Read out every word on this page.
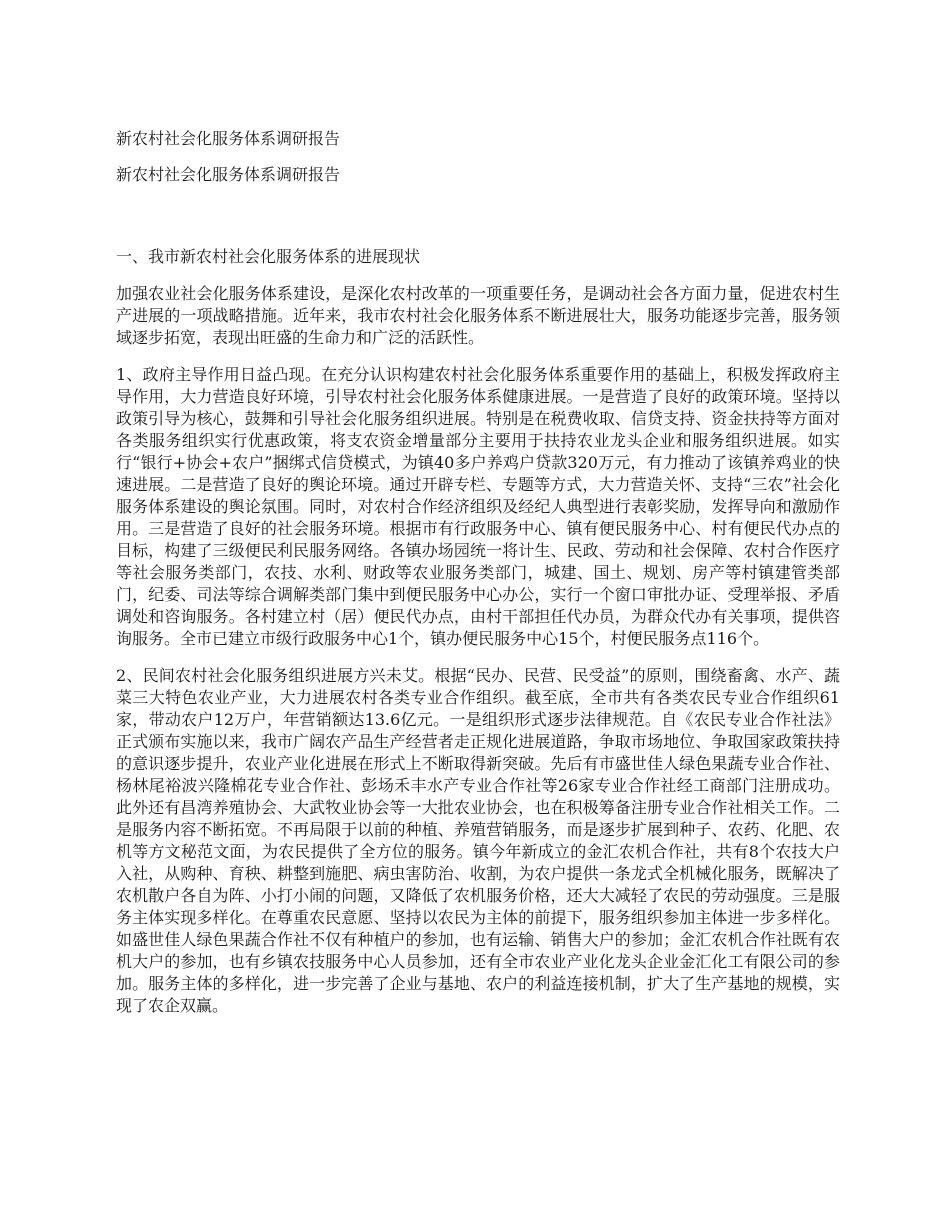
新农村社会化服务体系调研报告
新农村社会化服务体系调研报告
一、我市新农村社会化服务体系的进展现状

加强农业社会化服务体系建设，是深化农村改革的一项重要任务，是调动社会各方面力量，促进农村生产进展的一项战略措施。近年来，我市农村社会化服务体系不断进展壮大，服务功能逐步完善，服务领域逐步拓宽，表现出旺盛的生命力和广泛的活跃性。

1、政府主导作用日益凸现。在充分认识构建农村社会化服务体系重要作用的基础上，积极发挥政府主导作用，大力营造良好环境，引导农村社会化服务体系健康进展。一是营造了良好的政策环境。坚持以政策引导为核心，鼓舞和引导社会化服务组织进展。特别是在税费收取、信贷支持、资金扶持等方面对各类服务组织实行优惠政策，将支农资金增量部分主要用于扶持农业龙头企业和服务组织进展。如实行“银行+协会+农户”捆绑式信贷模式，为镇40多户养鸡户贷款320万元，有力推动了该镇养鸡业的快速进展。二是营造了良好的舆论环境。通过开辟专栏、专题等方式，大力营造关怀、支持“三农”社会化服务体系建设的舆论氛围。同时，对农村合作经济组织及经纪人典型进行表彰奖励，发挥导向和激励作用。三是营造了良好的社会服务环境。根据市有行政服务中心、镇有便民服务中心、村有便民代办点的目标，构建了三级便民利民服务网络。各镇办场园统一将计生、民政、劳动和社会保障、农村合作医疗等社会服务类部门，农技、水利、财政等农业服务类部门，城建、国土、规划、房产等村镇建管类部门，纪委、司法等综合调解类部门集中到便民服务中心办公，实行一个窗口审批办证、受理举报、矛盾调处和咨询服务。各村建立村（居）便民代办点，由村干部担任代办员，为群众代办有关事项，提供咨询服务。全市已建立市级行政服务中心1个，镇办便民服务中心15个，村便民服务点116个。

2、民间农村社会化服务组织进展方兴未艾。根据“民办、民营、民受益”的原则，围绕畜禽、水产、蔬菜三大特色农业产业，大力进展农村各类专业合作组织。截至底，全市共有各类农民专业合作组织61家，带动农户12万户，年营销额达13.6亿元。一是组织形式逐步法律规范。自《农民专业合作社法》正式颁布实施以来，我市广阔农产品生产经营者走正规化进展道路，争取市场地位、争取国家政策扶持的意识逐步提升，农业产业化进展在形式上不断取得新突破。先后有市盛世佳人绿色果蔬专业合作社、杨林尾裕波兴隆棉花专业合作社、彭场禾丰水产专业合作社等26家专业合作社经工商部门注册成功。此外还有昌湾养殖协会、大武牧业协会等一大批农业协会，也在积极筹备注册专业合作社相关工作。二是服务内容不断拓宽。不再局限于以前的种植、养殖营销服务，而是逐步扩展到种子、农药、化肥、农机等方文秘范文面，为农民提供了全方位的服务。镇今年新成立的金汇农机合作社，共有8个农技大户入社，从购种、育秧、耕整到施肥、病虫害防治、收割，为农户提供一条龙式全机械化服务，既解决了农机散户各自为阵、小打小闹的问题，又降低了农机服务价格，还大大减轻了农民的劳动强度。三是服务主体实现多样化。在尊重农民意愿、坚持以农民为主体的前提下，服务组织参加主体进一步多样化。如盛世佳人绿色果蔬合作社不仅有种植户的参加，也有运输、销售大户的参加；金汇农机合作社既有农机大户的参加，也有乡镇农技服务中心人员参加，还有全市农业产业化龙头企业金汇化工有限公司的参加。服务主体的多样化，进一步完善了企业与基地、农户的利益连接机制，扩大了生产基地的规模，实现了农企双赢。
